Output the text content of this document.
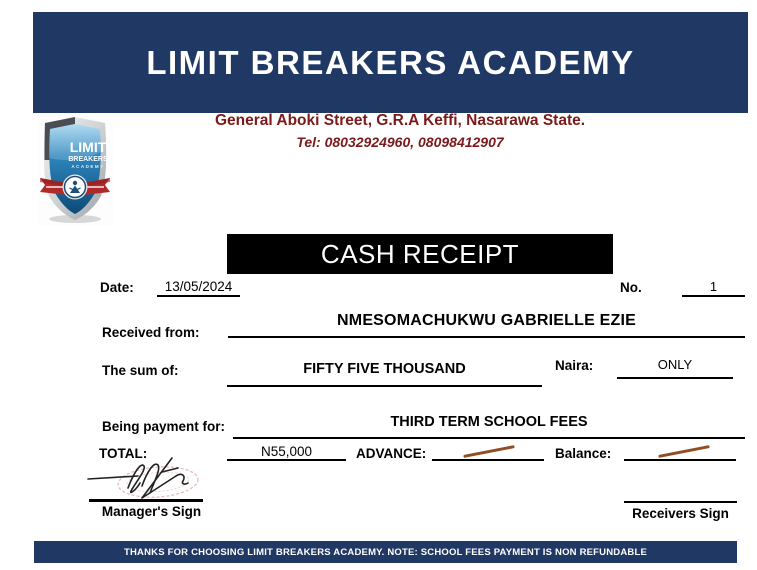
LIMIT BREAKERS ACADEMY
LIMIT
BREAKERS
ACADEMY
General Aboki Street, G.R.A Keffi, Nasarawa State.
Tel: 08032924960, 08098412907
CASH RECEIPT
Date:	13/05/2024	No.	1
Received from:
NMESOMACHUKWU GABRIELLE EZIE
The sum of:	FIFTY FIVE THOUSAND	Naira:	ONLY
Being payment for:	THIRD TERM SCHOOL FEES
TOTAL:	N55,000	ADVANCE:	Balance:
Manager's Sign	Receivers Sign
THANKS FOR CHOOSING LIMIT BREAKERS ACADEMY. NOTE: SCHOOL FEES PAYMENT IS NON REFUNDABLE
